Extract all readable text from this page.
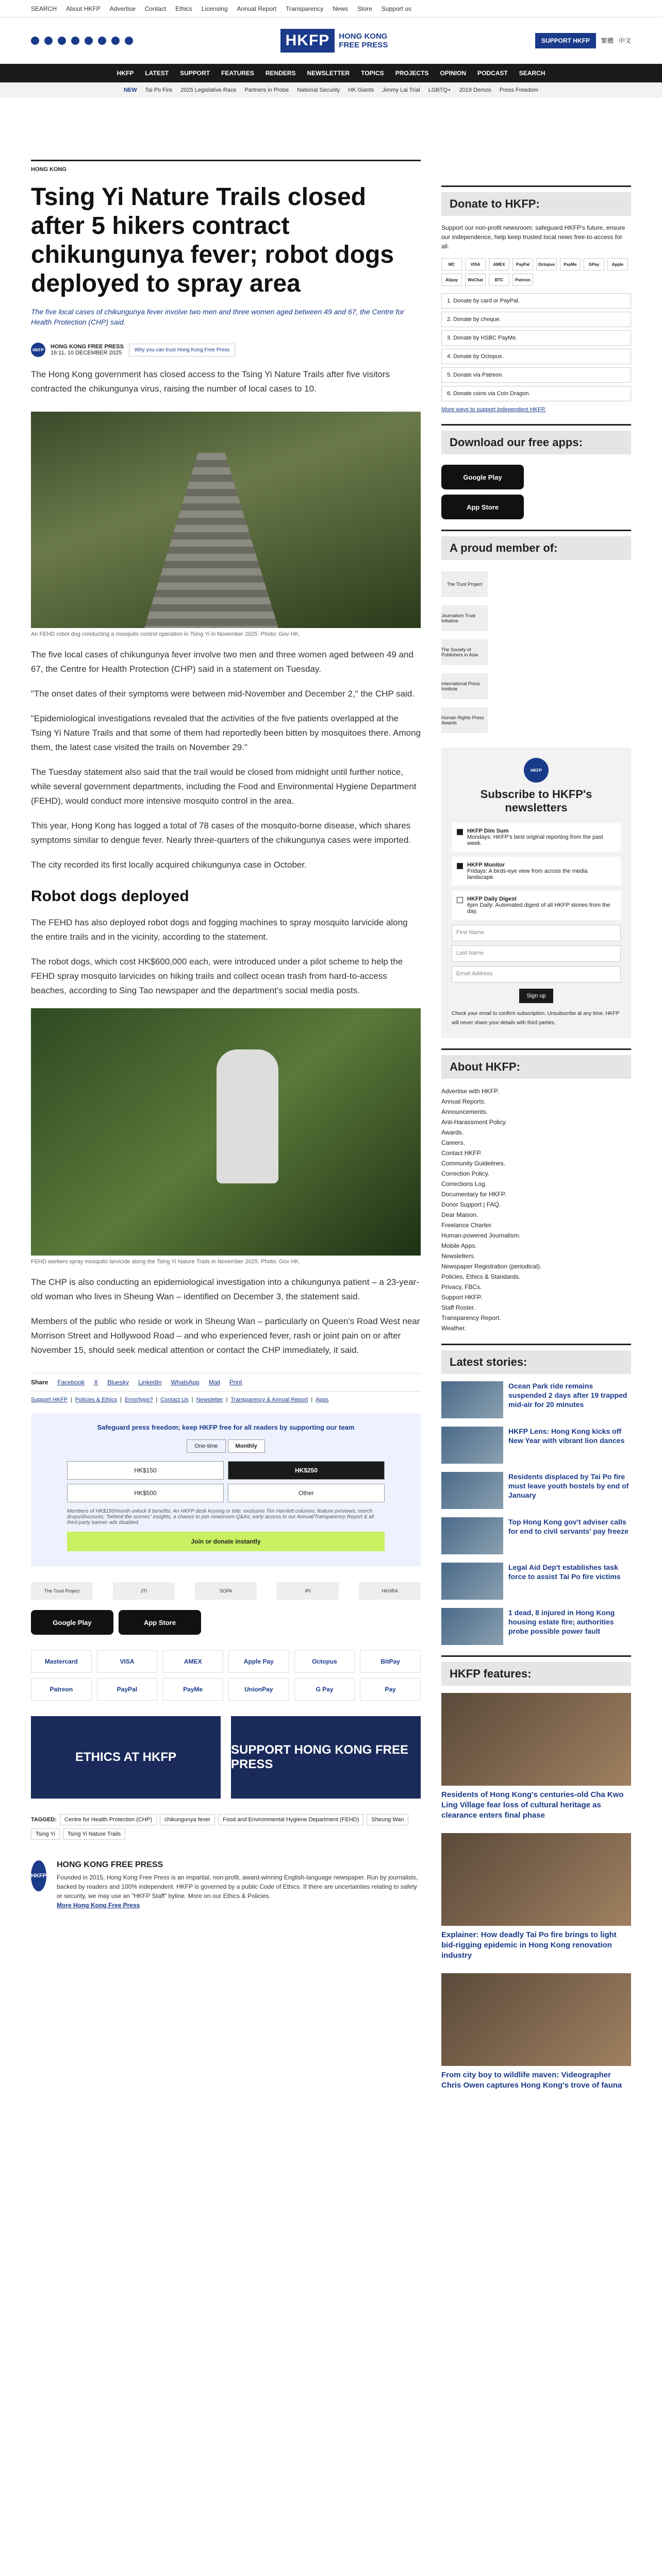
SEARCH About HKFP Advertise Contact Ethics Licensing Annual Report Transparency News Store Support us
HKFP	HONG KONG
FREE PRESS	SUPPORT HKFP	繁體 中文
HKFP LATEST SUPPORT FEATURES RENDERS NEWSLETTER TOPICS PROJECTS OPINION PODCAST SEARCH
NEW Tai Po Fire 2025 Legislative Race Partners in Probe National Security HK Giants Jimmy Lai Trial LGBTQ+ 2019 Demos Press Freedom
HONG KONG
Tsing Yi Nature Trails closed after 5 hikers contract chikungunya fever; robot dogs deployed to spray area
The five local cases of chikungunya fever involve two men and three women aged between 49 and 67, the Centre for Health Protection (CHP) said.
HKFP HONG KONG FREE PRESS
16:11, 10 DECEMBER 2025	Why you can trust Hong Kong Free Press

The Hong Kong government has closed access to the Tsing Yi Nature Trails after five visitors contracted the chikungunya virus, raising the number of local cases to 10.

An FEHD robot dog conducting a mosquito control operation in Tsing Yi in November 2025. Photo: Gov HK.

The five local cases of chikungunya fever involve two men and three women aged between 49 and 67, the Centre for Health Protection (CHP) said in a statement on Tuesday.

"The onset dates of their symptoms were between mid-November and December 2," the CHP said.

"Epidemiological investigations revealed that the activities of the five patients overlapped at the Tsing Yi Nature Trails and that some of them had reportedly been bitten by mosquitoes there. Among them, the latest case visited the trails on November 29."

The Tuesday statement also said that the trail would be closed from midnight until further notice, while several government departments, including the Food and Environmental Hygiene Department (FEHD), would conduct more intensive mosquito control in the area.

This year, Hong Kong has logged a total of 78 cases of the mosquito-borne disease, which shares symptoms similar to dengue fever. Nearly three-quarters of the chikungunya cases were imported.

The city recorded its first locally acquired chikungunya case in October.

Robot dogs deployed

The FEHD has also deployed robot dogs and fogging machines to spray mosquito larvicide along the entire trails and in the vicinity, according to the statement.

The robot dogs, which cost HK$600,000 each, were introduced under a pilot scheme to help the FEHD spray mosquito larvicides on hiking trails and collect ocean trash from hard-to-access beaches, according to Sing Tao newspaper and the department's social media posts.

FEHD workers spray mosquito larvicide along the Tsing Yi Nature Trails in November 2025. Photo: Gov HK.

The CHP is also conducting an epidemiological investigation into a chikungunya patient – a 23-year-old woman who lives in Sheung Wan – identified on December 3, the statement said.

Members of the public who reside or work in Sheung Wan – particularly on Queen's Road West near Morrison Street and Hollywood Road – and who experienced fever, rash or joint pain on or after November 15, should seek medical attention or contact the CHP immediately, it said.

Share Facebook X Bluesky LinkedIn WhatsApp Mail Print
Support HKFP | Policies & Ethics | Error/typo? | Contact Us | Newsletter | Transparency & Annual Report | Apps
Safeguard press freedom; keep HKFP free for all readers by supporting our team
One-time	Monthly
HK$150	HK$250
HK$500	Other
Members of HK$150/month unlock 8 benefits: An HKFP desk keyring or tote; exclusive Tim Hamlett columns; feature previews; merch drops/discounts; "behind the scenes" insights; a chance to join newsroom Q&As; early access to our Annual/Transparency Report & all third-party banner ads disabled.
Join or donate instantly
The Trust Project	JTI	SOPA	IPI	HKHRA
Google Play	App Store
Mastercard	VISA	AMEX	Apple Pay	Octopus	BitPay
Patreon	PayPal	PayMe	UnionPay	G Pay	Pay
ETHICS AT HKFP
SUPPORT HONG KONG FREE PRESS
TAGGED:	Centre for Health Protection (CHP)	chikungunya fever	Food and Environmental Hygiene Department (FEHD)	Sheung Wan
Tsing Yi	Tsing Yi Nature Trails
HKFP
HONG KONG FREE PRESS

Founded in 2015, Hong Kong Free Press is an impartial, non-profit, award-winning English-language newspaper. Run by journalists, backed by readers and 100% independent. HKFP is governed by a public Code of Ethics. If there are uncertainties relating to safety or security, we may use an "HKFP Staff" byline. More on our Ethics & Policies.

More Hong Kong Free Press
Donate to HKFP:

Support our non-profit newsroom: safeguard HKFP's future, ensure our independence, help keep trusted local news free-to-access for all.

MC	VISA	AMEX	PayPal	Octopus	PayMe	GPay	Apple
Alipay	WeChat	BTC	Patreon
1. Donate by card or PayPal.
2. Donate by cheque.
3. Donate by HSBC PayMe.
4. Donate by Octopus.
5. Donate via Patreon.
6. Donate coins via Coin Dragon.
More ways to support independent HKFP.
Download our free apps:
Google Play
App Store
A proud member of:
The Trust Project
Journalism Trust Initiative
The Society of Publishers in Asia
International Press Institute
Human Rights Press Awards
HKFP
Subscribe to HKFP's newsletters
HKFP Dim Sum
Mondays: HKFP's best original reporting from the past week.
HKFP Monitor
Fridays: A birds-eye view from across the media landscape.
HKFP Daily Digest
6pm Daily: Automated digest of all HKFP stories from the day.
First Name
Last Name
Email Address
Sign up

Check your email to confirm subscription. Unsubscribe at any time. HKFP will never share your details with third parties.

About HKFP:
Advertise with HKFP.
Annual Reports.
Announcements.
Anti-Harassment Policy.
Awards.
Careers.
Contact HKFP.
Community Guidelines.
Correction Policy.
Corrections Log.
Documentary for HKFP.
Donor Support | FAQ.
Dear Maison.
Freelance Charter.
Human-powered Journalism.
Mobile Apps.
Newsletters.
Newspaper Registration (periodical).
Policies, Ethics & Standards.
Privacy, FBCs.
Support HKFP.
Staff Roster.
Transparency Report.
Weather.
Latest stories:
Ocean Park ride remains suspended 2 days after 19 trapped mid-air for 20 minutes
HKFP Lens: Hong Kong kicks off New Year with vibrant lion dances
Residents displaced by Tai Po fire must leave youth hostels by end of January
Top Hong Kong gov't adviser calls for end to civil servants' pay freeze
Legal Aid Dep't establishes task force to assist Tai Po fire victims
1 dead, 8 injured in Hong Kong housing estate fire; authorities probe possible power fault
HKFP features:
Residents of Hong Kong's centuries-old Cha Kwo Ling Village fear loss of cultural heritage as clearance enters final phase
Explainer: How deadly Tai Po fire brings to light bid-rigging epidemic in Hong Kong renovation industry
From city boy to wildlife maven: Videographer Chris Owen captures Hong Kong's trove of fauna
